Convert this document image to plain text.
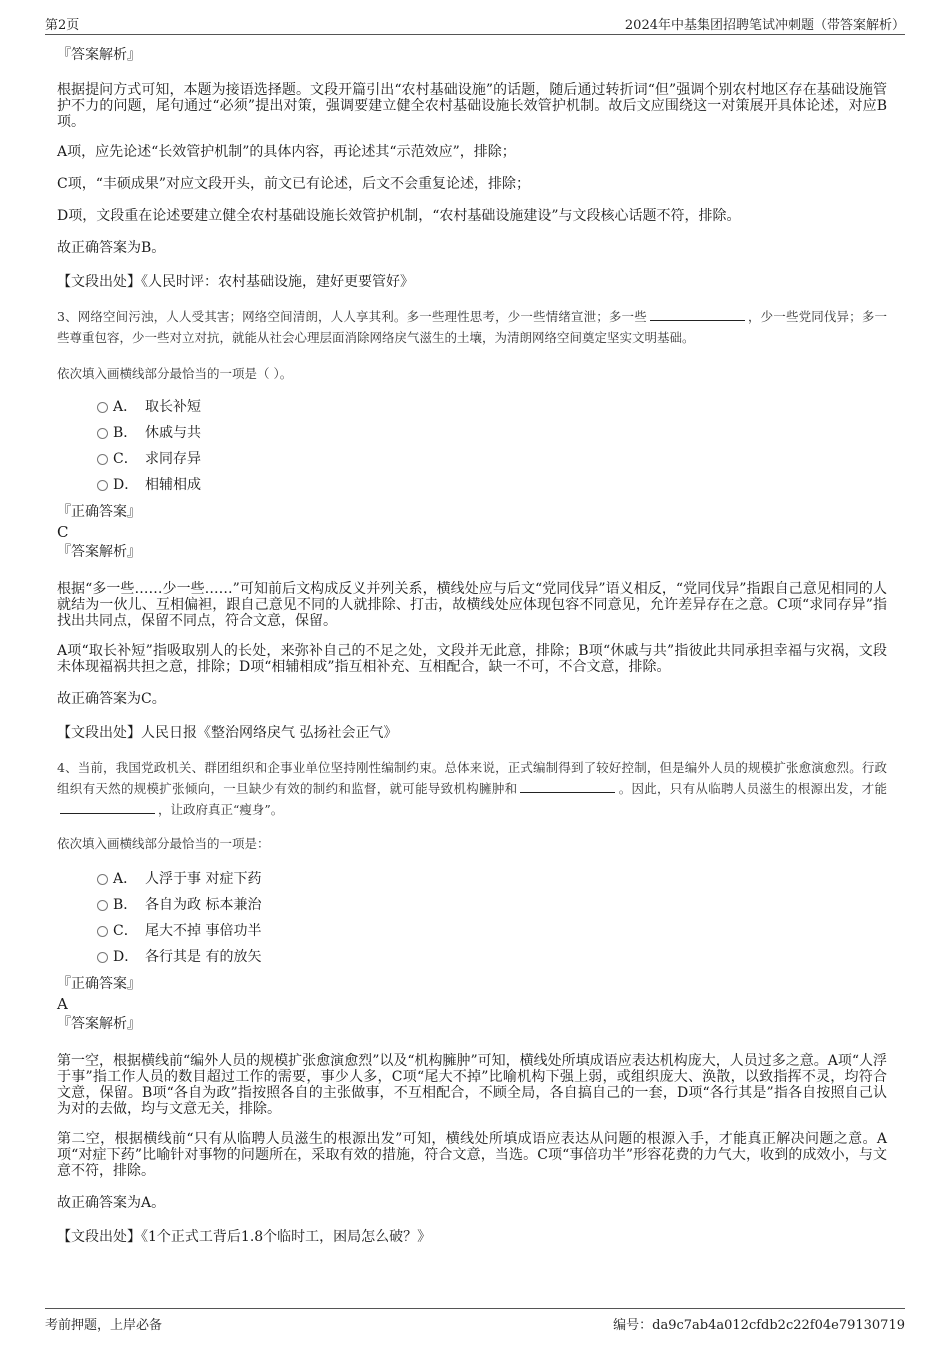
第2页	2024年中基集团招聘笔试冲刺题（带答案解析）
『答案解析』

根据提问方式可知，本题为接语选择题。文段开篇引出“农村基础设施”的话题，随后通过转折词“但”强调个别农村地区存在基础设施管护不力的问题，尾句通过“必须”提出对策，强调要建立健全农村基础设施长效管护机制。故后文应围绕这一对策展开具体论述，对应B项。

A项，应先论述“长效管护机制”的具体内容，再论述其“示范效应”，排除；

C项，“丰硕成果”对应文段开头，前文已有论述，后文不会重复论述，排除；

D项，文段重在论述要建立健全农村基础设施长效管护机制，“农村基础设施建设”与文段核心话题不符，排除。

故正确答案为B。

【文段出处】《人民时评：农村基础设施，建好更要管好》

3、网络空间污浊，人人受其害；网络空间清朗，人人享其利。多一些理性思考，少一些情绪宣泄；多一些	，少一些党同伐异；多一些尊重包容，少一些对立对抗，就能从社会心理层面消除网络戾气滋生的土壤，为清朗网络空间奠定坚实文明基础。

依次填入画横线部分最恰当的一项是（ ）。
A． 取长补短
B． 休戚与共
C． 求同存异
D． 相辅相成
『正确答案』
C
『答案解析』

根据“多一些……少一些……”可知前后文构成反义并列关系，横线处应与后文“党同伐异”语义相反，“党同伐异”指跟自己意见相同的人就结为一伙儿、互相偏袒，跟自己意见不同的人就排除、打击，故横线处应体现包容不同意见，允许差异存在之意。C项“求同存异”指找出共同点，保留不同点，符合文意，保留。

A项“取长补短”指吸取别人的长处，来弥补自己的不足之处，文段并无此意，排除；B项“休戚与共”指彼此共同承担幸福与灾祸，文段未体现福祸共担之意，排除；D项“相辅相成”指互相补充、互相配合，缺一不可，不合文意，排除。

故正确答案为C。

【文段出处】人民日报《整治网络戾气 弘扬社会正气》

4、当前，我国党政机关、群团组织和企事业单位坚持刚性编制约束。总体来说，正式编制得到了较好控制，但是编外人员的规模扩张愈演愈烈。行政组织有天然的规模扩张倾向，一旦缺少有效的制约和监督，就可能导致机构臃肿和	。因此，只有从临聘人员滋生的根源出发，才能，让政府真正“瘦身”。

依次填入画横线部分最恰当的一项是：
A． 人浮于事 对症下药
B． 各自为政 标本兼治
C． 尾大不掉 事倍功半
D． 各行其是 有的放矢
『正确答案』
A
『答案解析』

第一空，根据横线前“编外人员的规模扩张愈演愈烈”以及“机构臃肿”可知，横线处所填成语应表达机构庞大，人员过多之意。A项“人浮于事”指工作人员的数目超过工作的需要，事少人多，C项“尾大不掉”比喻机构下强上弱，或组织庞大、涣散，以致指挥不灵，均符合文意，保留。B项“各自为政”指按照各自的主张做事，不互相配合，不顾全局，各自搞自己的一套，D项“各行其是”指各自按照自己认为对的去做，均与文意无关，排除。

第二空，根据横线前“只有从临聘人员滋生的根源出发”可知，横线处所填成语应表达从问题的根源入手，才能真正解决问题之意。A项“对症下药”比喻针对事物的问题所在，采取有效的措施，符合文意，当选。C项“事倍功半”形容花费的力气大，收到的成效小，与文意不符，排除。

故正确答案为A。

【文段出处】《1个正式工背后1.8个临时工，困局怎么破？》

考前押题，上岸必备	编号：da9c7ab4a012cfdb2c22f04e79130719
